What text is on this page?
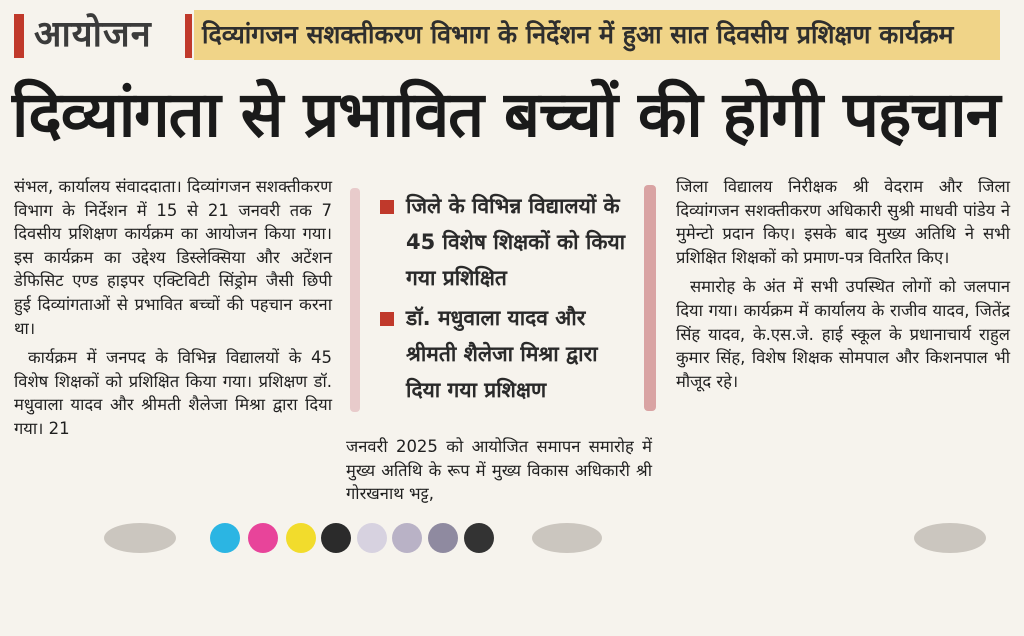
आयोजन	दिव्यांगजन सशक्तीकरण विभाग के निर्देशन में हुआ सात दिवसीय प्रशिक्षण कार्यक्रम
दिव्यांगता से प्रभावित बच्चों की होगी पहचान

संभल, कार्यालय संवाददाता। दिव्यांगजन सशक्तीकरण विभाग के निर्देशन में 15 से 21 जनवरी तक 7 दिवसीय प्रशिक्षण कार्यक्रम का आयोजन किया गया। इस कार्यक्रम का उद्देश्य डिस्लेक्सिया और अटेंशन डेफिसिट एण्ड हाइपर एक्टिविटी सिंड्रोम जैसी छिपी हुई दिव्यांगताओं से प्रभावित बच्चों की पहचान करना था।

कार्यक्रम में जनपद के विभिन्न विद्यालयों के 45 विशेष शिक्षकों को प्रशिक्षित किया गया। प्रशिक्षण डॉ. मधुवाला यादव और श्रीमती शैलेजा मिश्रा द्वारा दिया गया। 21

जिले के विभिन्न विद्यालयों के 45 विशेष शिक्षकों को किया गया प्रशिक्षित
डॉ. मधुवाला यादव और श्रीमती शैलेजा मिश्रा द्वारा दिया गया प्रशिक्षण

जनवरी 2025 को आयोजित समापन समारोह में मुख्य अतिथि के रूप में मुख्य विकास अधिकारी श्री गोरखनाथ भट्ट,

जिला विद्यालय निरीक्षक श्री वेदराम और जिला दिव्यांगजन सशक्तीकरण अधिकारी सुश्री माधवी पांडेय ने मुमेन्टो प्रदान किए। इसके बाद मुख्य अतिथि ने सभी प्रशिक्षित शिक्षकों को प्रमाण-पत्र वितरित किए।

समारोह के अंत में सभी उपस्थित लोगों को जलपान दिया गया। कार्यक्रम में कार्यालय के राजीव यादव, जितेंद्र सिंह यादव, के.एस.जे. हाई स्कूल के प्रधानाचार्य राहुल कुमार सिंह, विशेष शिक्षक सोमपाल और किशनपाल भी मौजूद रहे।
